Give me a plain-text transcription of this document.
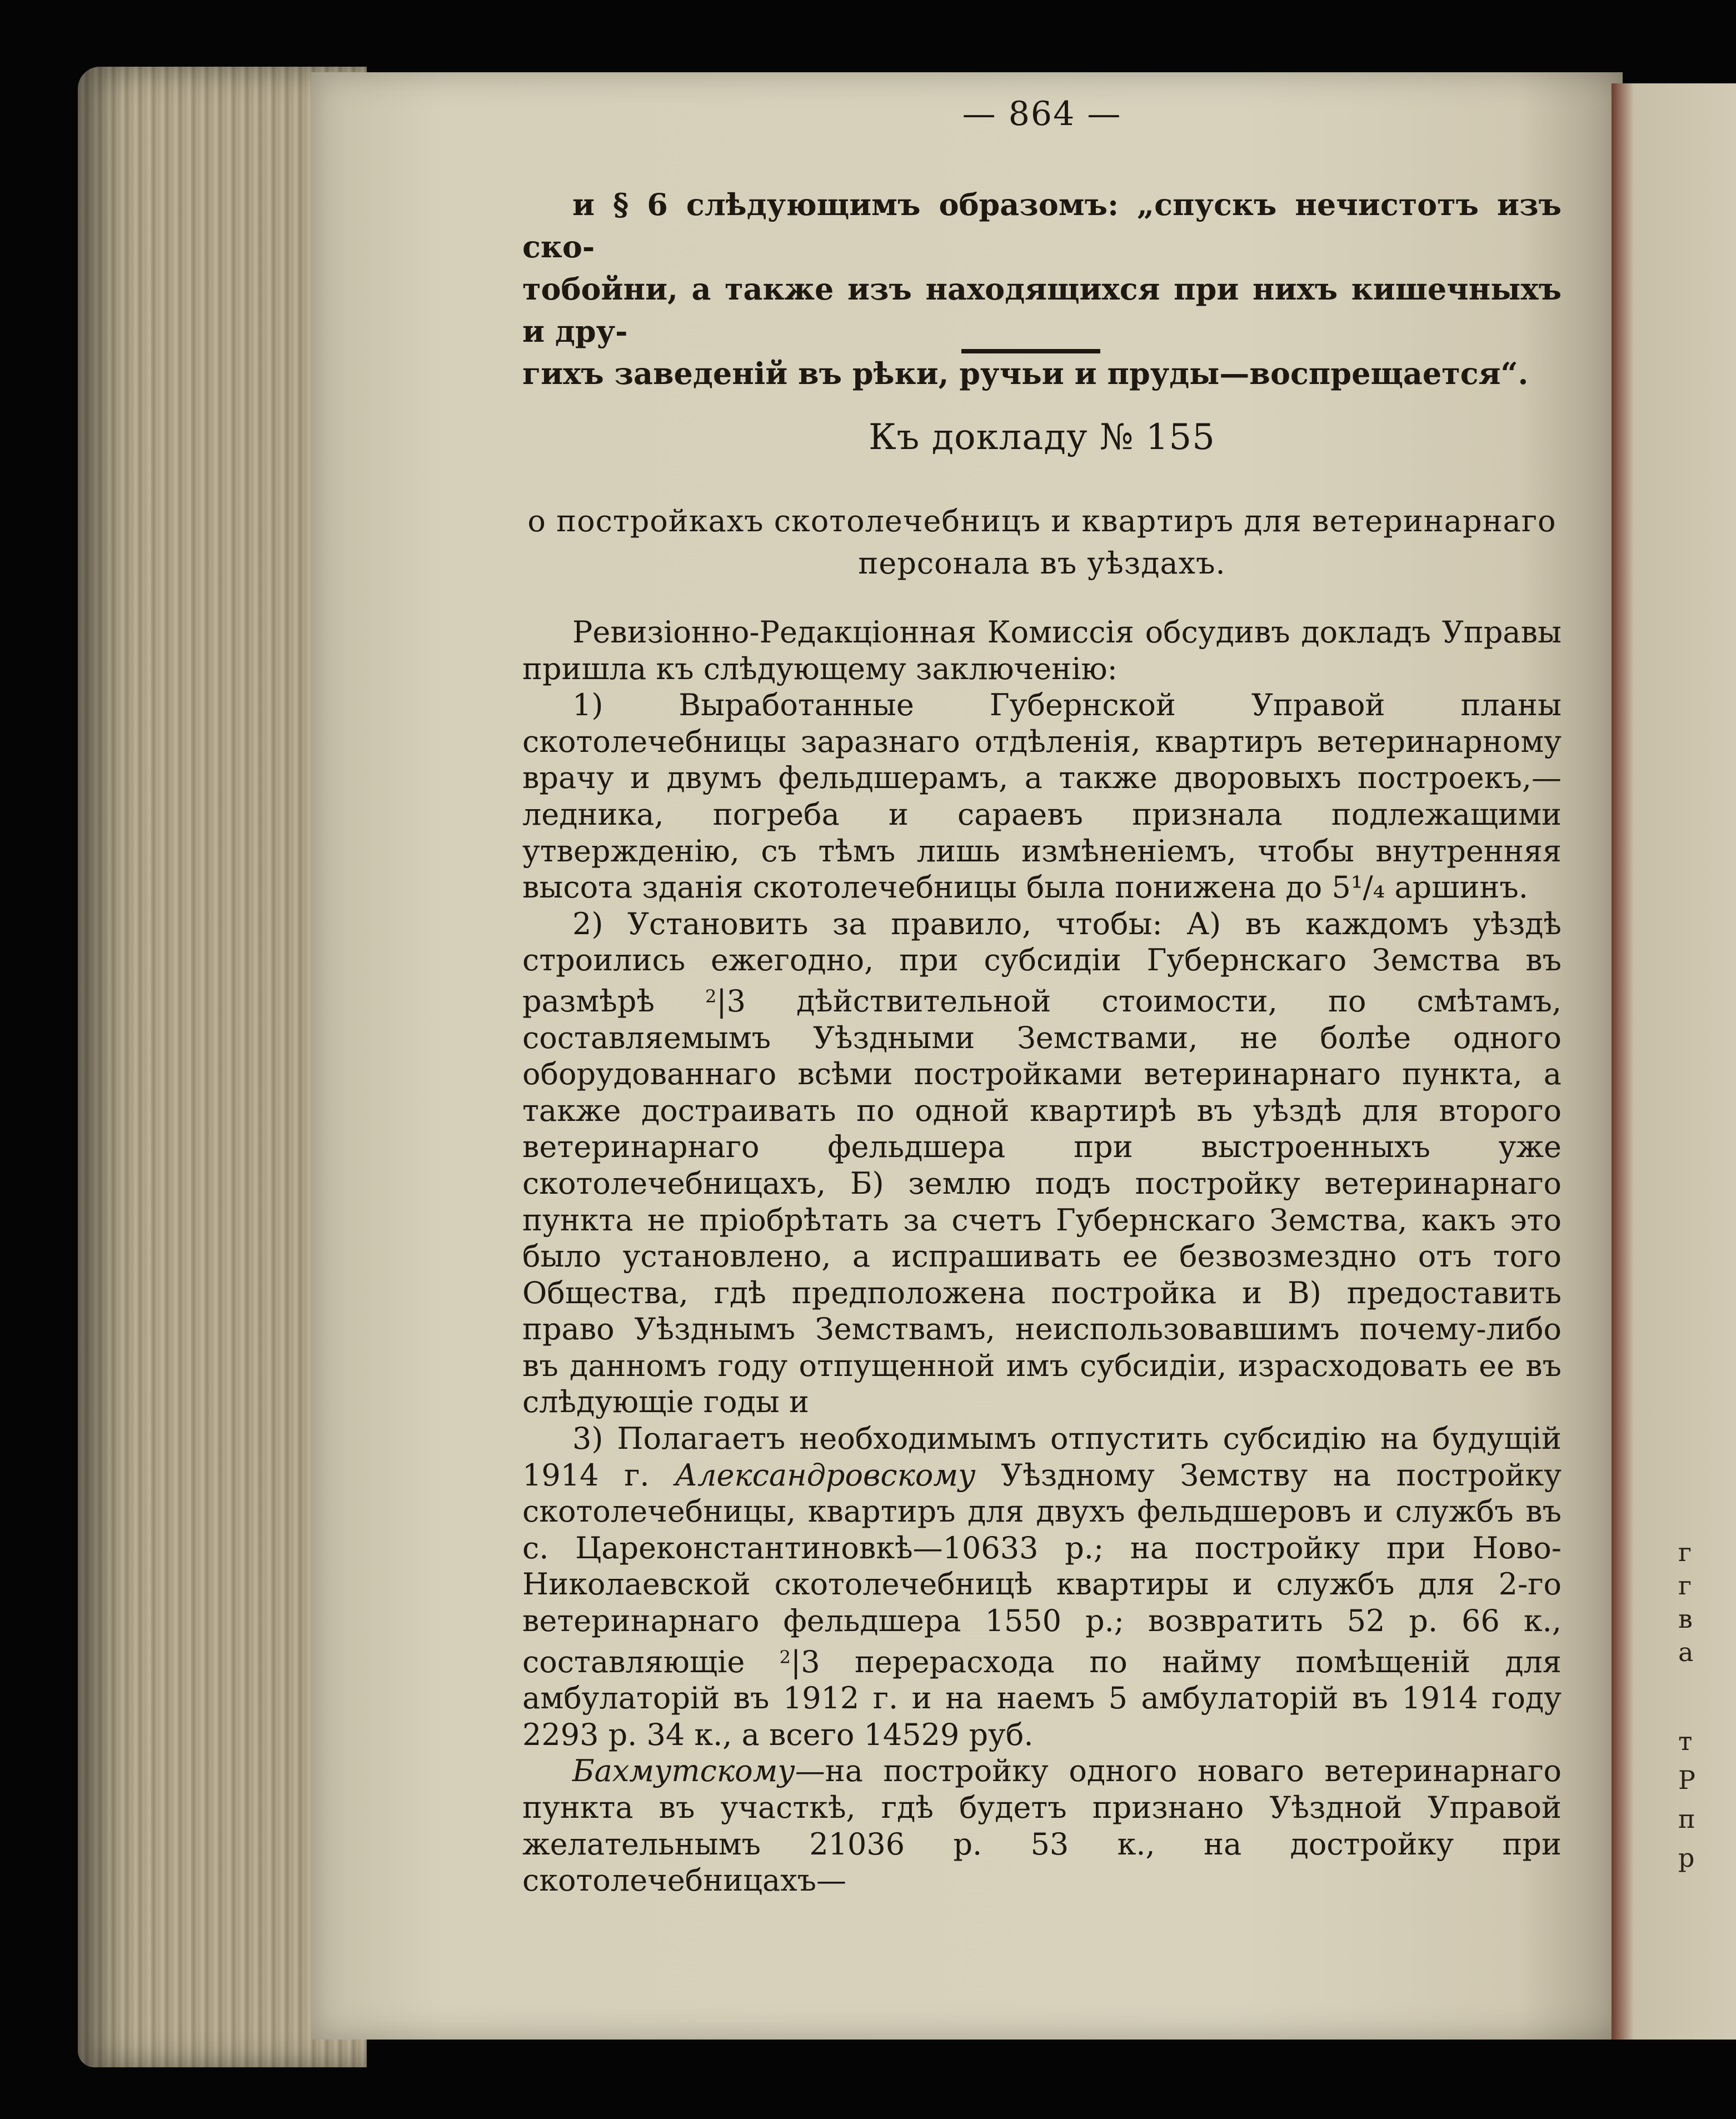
— 864 —

и § 6 слѣдующимъ образомъ: „спускъ нечистотъ изъ ско-

тобойни, а также изъ находящихся при нихъ кишечныхъ и дру-

гихъ заведеній въ рѣки, ручьи и пруды—воспрещается“.

Къ докладу № 155
о постройкахъ скотолечебницъ и квартиръ для ветеринарнаго
персонала въ уѣздахъ.

Ревизіонно-Редакціонная Комиссія обсудивъ докладъ Управы пришла къ слѣдующему заключенію:

1) Выработанные Губернской Управой планы скотолечебницы заразнаго отдѣленія, квартиръ ветеринарному врачу и двумъ фельдшерамъ, а также дворовыхъ построекъ,—ледника, погреба и сараевъ признала подлежащими утвержденію, съ тѣмъ лишь измѣненіемъ, чтобы внутренняя высота зданія скотолечебницы была понижена до 5¹/₄ аршинъ.

2) Установить за правило, чтобы: А) въ каждомъ уѣздѣ строились ежегодно, при субсидіи Губернскаго Земства въ размѣрѣ	$^2$|3 дѣйствительной стоимости, по смѣтамъ, составляемымъ Уѣздными Земствами, не болѣе одного оборудованнаго всѣми постройками ветеринарнаго пункта, а также достраивать по одной квартирѣ въ уѣздѣ для второго ветеринарнаго фельдшера при выстроенныхъ уже скотолечебницахъ, Б) землю подъ постройку ветеринарнаго пункта не пріобрѣтать за счетъ Губернскаго Земства, какъ это было установлено, а испрашивать ее безвозмездно отъ того Общества, гдѣ предположена постройка и В) предоставить право Уѣзднымъ Земствамъ, неиспользовавшимъ почему-либо въ данномъ году отпущенной имъ субсидіи, израсходовать ее въ слѣдующіе годы и

3) Полагаетъ необходимымъ отпустить субсидію на будущій 1914 г. Александровскому Уѣздному Земству на постройку скотолечебницы, квартиръ для двухъ фельдшеровъ и службъ въ с. Цареконстантиновкѣ—10633 р.; на постройку при Ново-Николаевской скотолечебницѣ квартиры и службъ для 2-го ветеринарнаго фельдшера 1550 р.; возвратить 52 р. 66 к., составляющіе $^2$|3 перерасхода по найму помѣщеній для амбулаторій въ 1912 г. и на наемъ 5 амбулаторій въ 1914 году 2293 р. 34 к., а всего 14529 руб.

Бахмутскому—на постройку одного новаго ветеринарнаго пункта въ участкѣ, гдѣ будетъ признано Уѣздной Управой желательнымъ 21036 р. 53 к., на достройку при скотолечебницахъ—

г
г
в
а
т
Р
п
р
